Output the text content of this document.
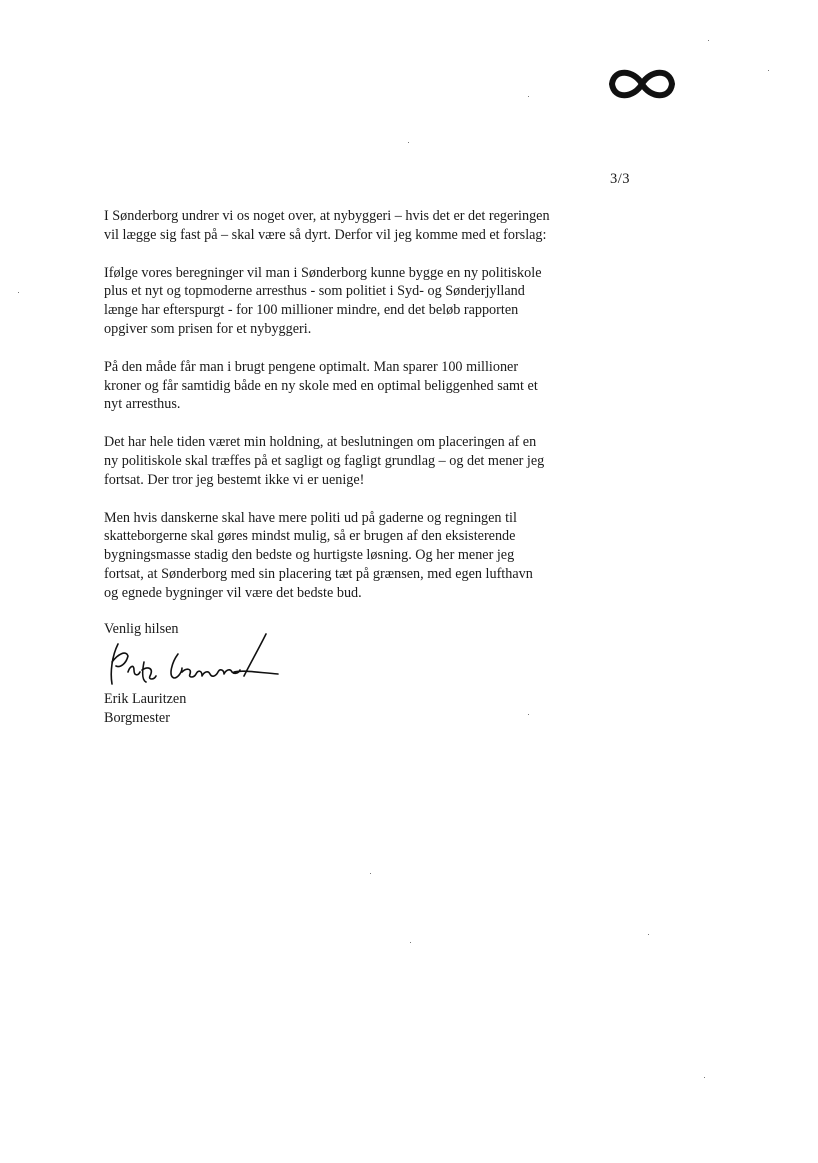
3/3

I Sønderborg undrer vi os noget over, at nybyggeri – hvis det er det regeringen
vil lægge sig fast på – skal være så dyrt. Derfor vil jeg komme med et forslag:

Ifølge vores beregninger vil man i Sønderborg kunne bygge en ny politiskole
plus et nyt og topmoderne arresthus - som politiet i Syd- og Sønderjylland
længe har efterspurgt - for 100 millioner mindre, end det beløb rapporten
opgiver som prisen for et nybyggeri.

På den måde får man i brugt pengene optimalt. Man sparer 100 millioner
kroner og får samtidig både en ny skole med en optimal beliggenhed samt et
nyt arresthus.

Det har hele tiden været min holdning, at beslutningen om placeringen af en
ny politiskole skal træffes på et sagligt og fagligt grundlag – og det mener jeg
fortsat. Der tror jeg bestemt ikke vi er uenige!

Men hvis danskerne skal have mere politi ud på gaderne og regningen til
skatteborgerne skal gøres mindst mulig, så er brugen af den eksisterende
bygningsmasse stadig den bedste og hurtigste løsning. Og her mener jeg
fortsat, at Sønderborg med sin placering tæt på grænsen, med egen lufthavn
og egnede bygninger vil være det bedste bud.

Venlig hilsen
Erik Lauritzen
Borgmester
